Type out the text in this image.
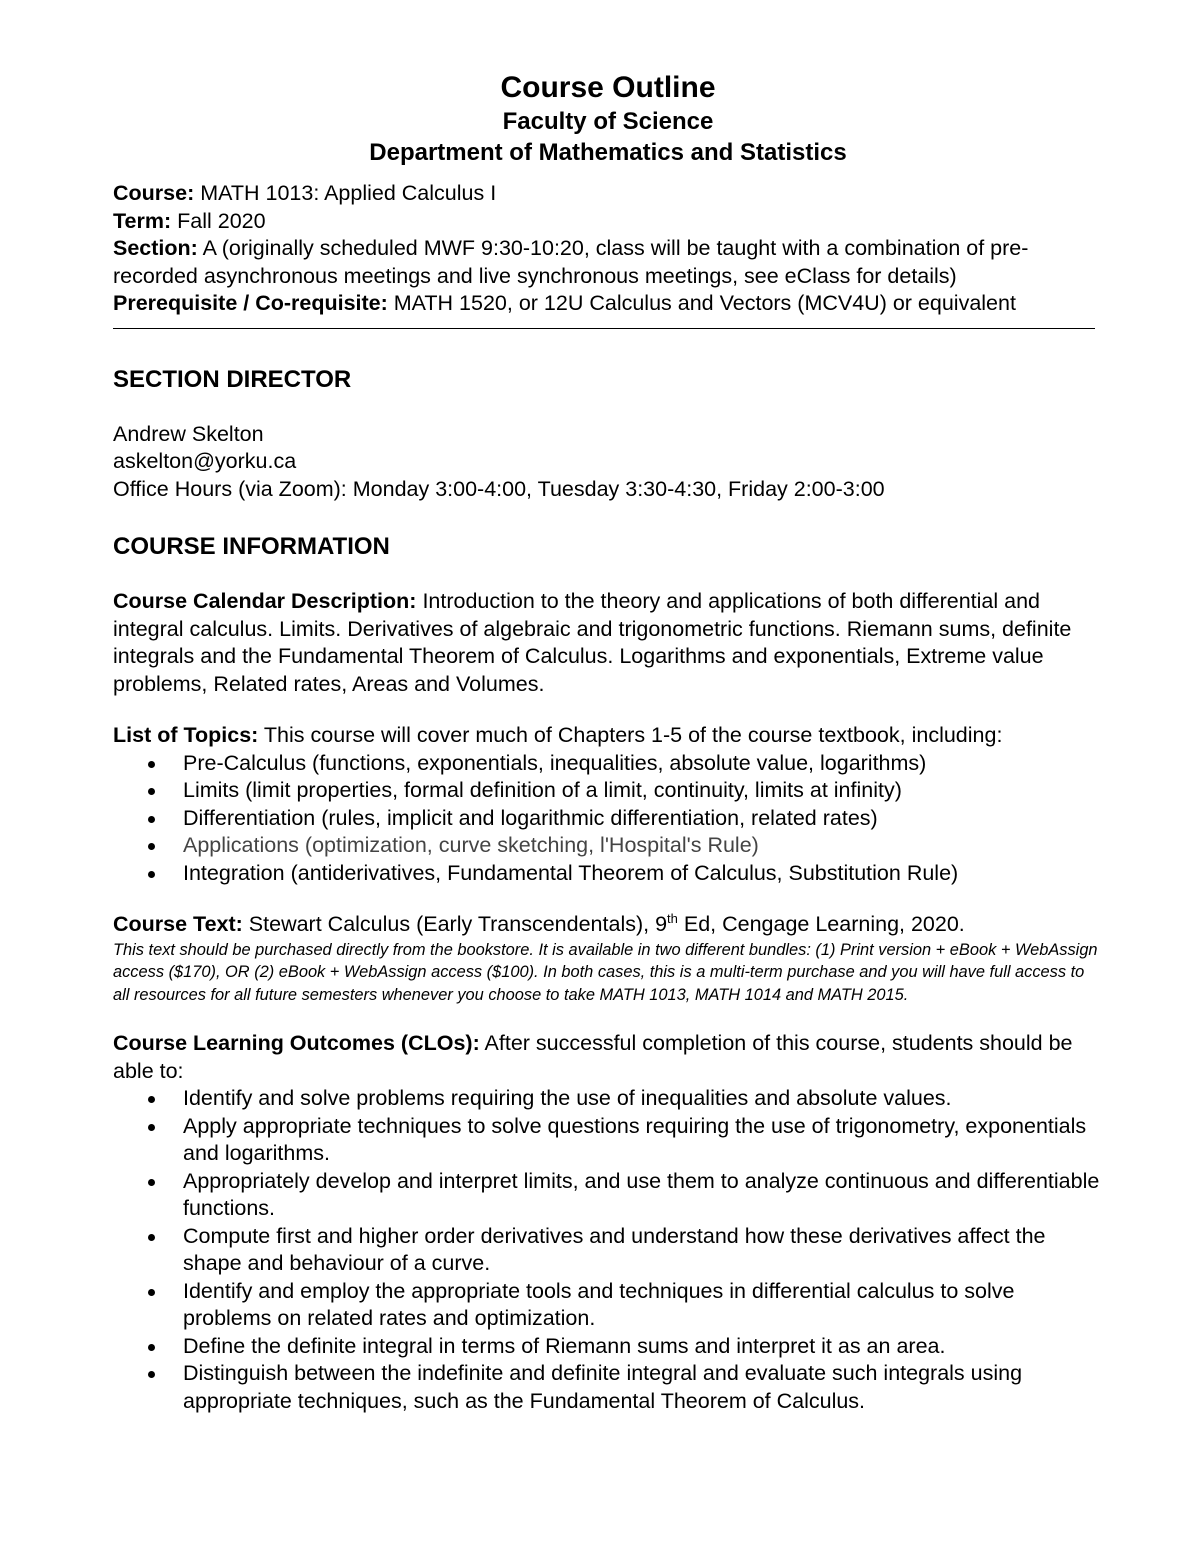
Course Outline
Faculty of Science
Department of Mathematics and Statistics
Course: MATH 1013: Applied Calculus I
Term: Fall 2020
Section: A (originally scheduled MWF 9:30-10:20, class will be taught with a combination of pre-recorded asynchronous meetings and live synchronous meetings, see eClass for details)
Prerequisite / Co-requisite: MATH 1520, or 12U Calculus and Vectors (MCV4U) or equivalent
SECTION DIRECTOR
Andrew Skelton
askelton@yorku.ca
Office Hours (via Zoom): Monday 3:00-4:00, Tuesday 3:30-4:30, Friday 2:00-3:00
COURSE INFORMATION
Course Calendar Description: Introduction to the theory and applications of both differential and integral calculus. Limits. Derivatives of algebraic and trigonometric functions. Riemann sums, definite integrals and the Fundamental Theorem of Calculus. Logarithms and exponentials, Extreme value problems, Related rates, Areas and Volumes.
List of Topics: This course will cover much of Chapters 1-5 of the course textbook, including:
Pre-Calculus (functions, exponentials, inequalities, absolute value, logarithms)
Limits (limit properties, formal definition of a limit, continuity, limits at infinity)
Differentiation (rules, implicit and logarithmic differentiation, related rates)
Applications (optimization, curve sketching, l'Hospital's Rule)
Integration (antiderivatives, Fundamental Theorem of Calculus, Substitution Rule)
Course Text: Stewart Calculus (Early Transcendentals), 9th Ed, Cengage Learning, 2020.
This text should be purchased directly from the bookstore. It is available in two different bundles: (1) Print version + eBook + WebAssign access ($170), OR (2) eBook + WebAssign access ($100). In both cases, this is a multi-term purchase and you will have full access to all resources for all future semesters whenever you choose to take MATH 1013, MATH 1014 and MATH 2015.
Course Learning Outcomes (CLOs): After successful completion of this course, students should be able to:
Identify and solve problems requiring the use of inequalities and absolute values.
Apply appropriate techniques to solve questions requiring the use of trigonometry, exponentials and logarithms.
Appropriately develop and interpret limits, and use them to analyze continuous and differentiable functions.
Compute first and higher order derivatives and understand how these derivatives affect the shape and behaviour of a curve.
Identify and employ the appropriate tools and techniques in differential calculus to solve problems on related rates and optimization.
Define the definite integral in terms of Riemann sums and interpret it as an area.
Distinguish between the indefinite and definite integral and evaluate such integrals using appropriate techniques, such as the Fundamental Theorem of Calculus.
